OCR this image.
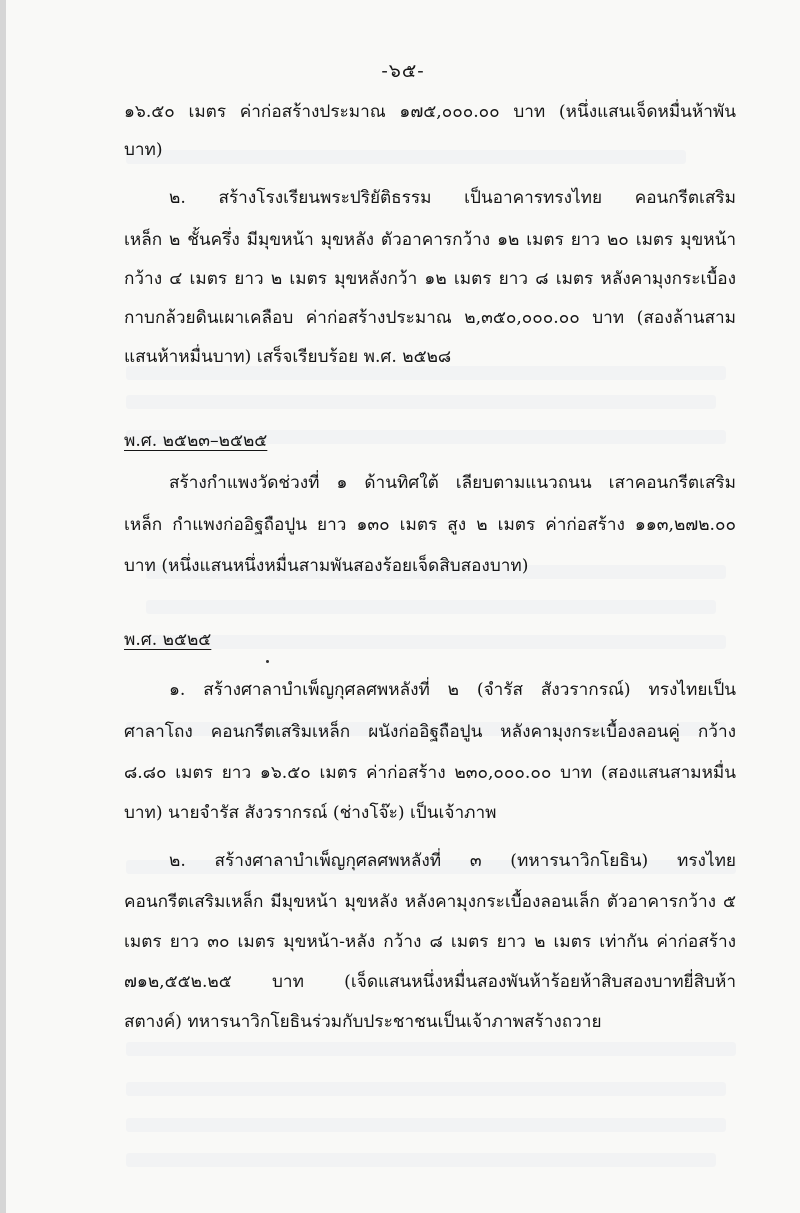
-๖๕-
๑๖.๕๐ เมตร ค่าก่อสร้างประมาณ ๑๗๕,๐๐๐.๐๐ บาท (หนึ่งแสนเจ็ดหมื่นห้าพัน
บาท)
๒. สร้างโรงเรียนพระปริยัติธรรม เป็นอาคารทรงไทย คอนกรีตเสริม
เหล็ก ๒ ชั้นครึ่ง มีมุขหน้า มุขหลัง ตัวอาคารกว้าง ๑๒ เมตร ยาว ๒๐ เมตร มุขหน้า
กว้าง ๔ เมตร ยาว ๒ เมตร มุขหลังกว้า ๑๒ เมตร ยาว ๘ เมตร หลังคามุงกระเบื้อง
กาบกล้วยดินเผาเคลือบ ค่าก่อสร้างประมาณ ๒,๓๕๐,๐๐๐.๐๐ บาท (สองล้านสาม
แสนห้าหมื่นบาท) เสร็จเรียบร้อย พ.ศ. ๒๕๒๘
พ.ศ. ๒๕๒๓–๒๕๒๕
สร้างกำแพงวัดช่วงที่ ๑ ด้านทิศใต้ เลียบตามแนวถนน เสาคอนกรีตเสริม
เหล็ก กำแพงก่ออิฐถือปูน ยาว ๑๓๐ เมตร สูง ๒ เมตร ค่าก่อสร้าง ๑๑๓,๒๗๒.๐๐
บาท (หนึ่งแสนหนึ่งหมื่นสามพันสองร้อยเจ็ดสิบสองบาท)
พ.ศ. ๒๕๒๕
๑. สร้างศาลาบำเพ็ญกุศลศพหลังที่ ๒ (จำรัส สังวรากรณ์) ทรงไทยเป็น
ศาลาโถง คอนกรีตเสริมเหล็ก ผนังก่ออิฐถือปูน หลังคามุงกระเบื้องลอนคู่ กว้าง
๘.๘๐ เมตร ยาว ๑๖.๕๐ เมตร ค่าก่อสร้าง ๒๓๐,๐๐๐.๐๐ บาท (สองแสนสามหมื่น
บาท) นายจำรัส สังวรากรณ์ (ช่างโจ๊ะ) เป็นเจ้าภาพ
๒. สร้างศาลาบำเพ็ญกุศลศพหลังที่ ๓ (ทหารนาวิกโยธิน) ทรงไทย
คอนกรีตเสริมเหล็ก มีมุขหน้า มุขหลัง หลังคามุงกระเบื้องลอนเล็ก ตัวอาคารกว้าง ๕
เมตร ยาว ๓๐ เมตร มุขหน้า-หลัง กว้าง ๘ เมตร ยาว ๒ เมตร เท่ากัน ค่าก่อสร้าง
๗๑๒,๕๕๒.๒๕ บาท (เจ็ดแสนหนึ่งหมื่นสองพันห้าร้อยห้าสิบสองบาทยี่สิบห้า
สตางค์) ทหารนาวิกโยธินร่วมกับประชาชนเป็นเจ้าภาพสร้างถวาย
